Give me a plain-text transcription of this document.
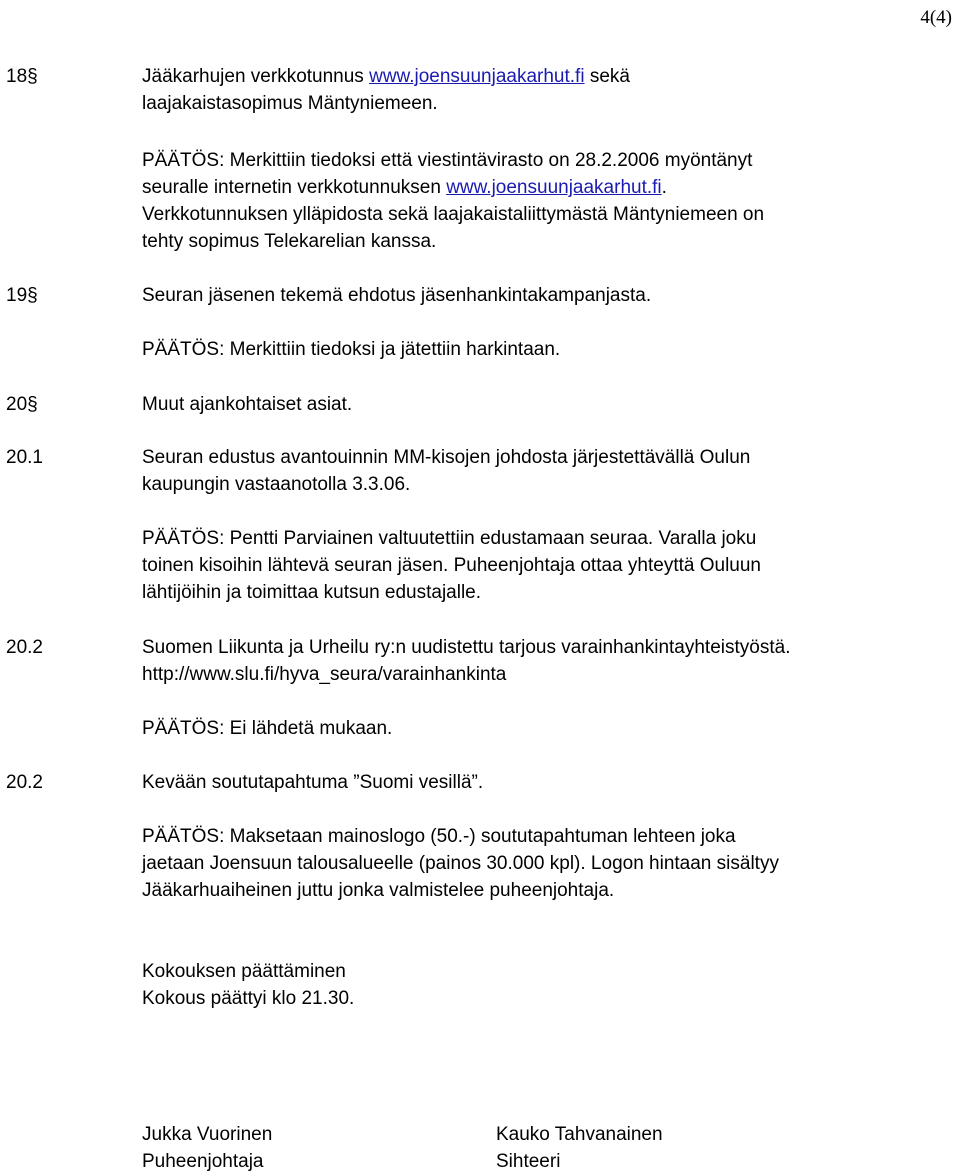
4(4)
18§	Jääkarhujen verkkotunnus www.joensuunjaakarhut.fi sekä
laajakaistasopimus Mäntyniemeen.
PÄÄTÖS: Merkittiin tiedoksi että viestintävirasto on 28.2.2006 myöntänyt
seuralle internetin verkkotunnuksen www.joensuunjaakarhut.fi.
Verkkotunnuksen ylläpidosta sekä laajakaistaliittymästä Mäntyniemeen on
tehty sopimus Telekarelian kanssa.
19§	Seuran jäsenen tekemä ehdotus jäsenhankintakampanjasta.
PÄÄTÖS: Merkittiin tiedoksi ja jätettiin harkintaan.
20§	Muut ajankohtaiset asiat.
20.1	Seuran edustus avantouinnin MM-kisojen johdosta järjestettävällä Oulun
kaupungin vastaanotolla 3.3.06.
PÄÄTÖS: Pentti Parviainen valtuutettiin edustamaan seuraa. Varalla joku
toinen kisoihin lähtevä seuran jäsen. Puheenjohtaja ottaa yhteyttä Ouluun
lähtijöihin ja toimittaa kutsun edustajalle.
20.2	Suomen Liikunta ja Urheilu ry:n uudistettu tarjous varainhankintayhteistyöstä.
http://www.slu.fi/hyva_seura/varainhankinta
PÄÄTÖS: Ei lähdetä mukaan.
20.2	Kevään soututapahtuma ”Suomi vesillä”.
PÄÄTÖS: Maksetaan mainoslogo (50.-) soututapahtuman lehteen joka
jaetaan Joensuun talousalueelle (painos 30.000 kpl). Logon hintaan sisältyy
Jääkarhuaiheinen juttu jonka valmistelee puheenjohtaja.
Kokouksen päättäminen
Kokous päättyi klo 21.30.
Jukka Vuorinen
Puheenjohtaja
Kauko Tahvanainen
Sihteeri
